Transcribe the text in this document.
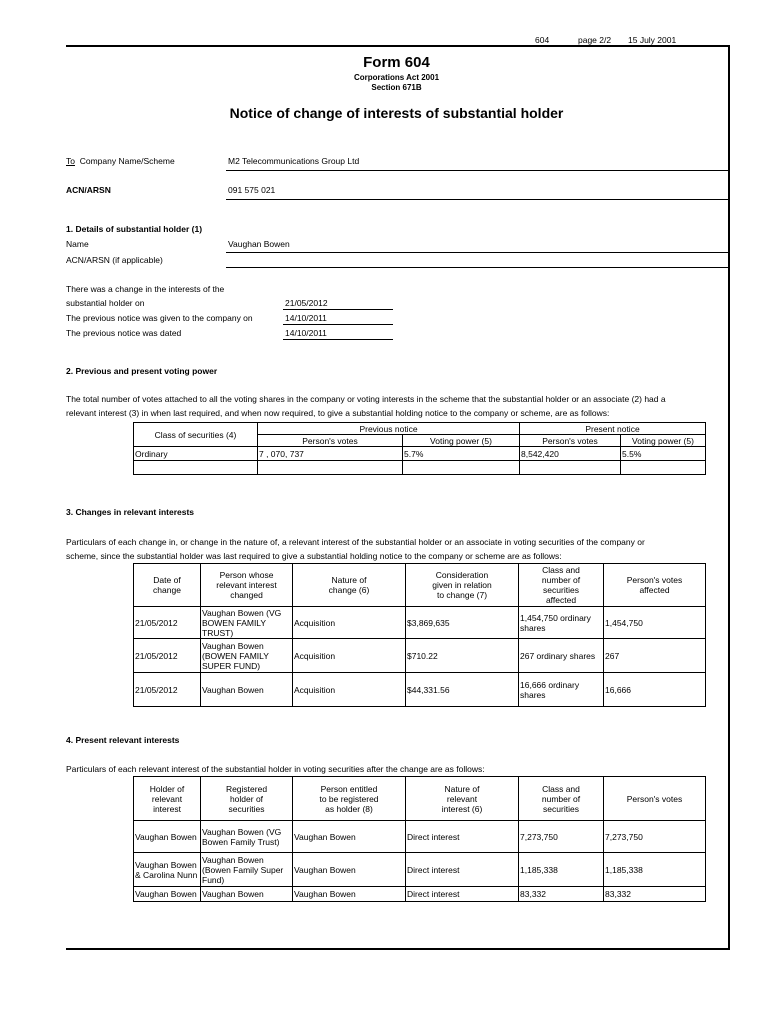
604	page 2/2 15 July 2001
Form 604
Corporations Act 2001
Section 671B
Notice of change of interests of substantial holder
To Company Name/Scheme	M2 Telecommunications Group Ltd
ACN/ARSN	091 575 021
1. Details of substantial holder (1)
Name	Vaughan Bowen
ACN/ARSN (if applicable)
There was a change in the interests of the
substantial holder on	21/05/2012
The previous notice was given to the company on	14/10/2011
The previous notice was dated	14/10/2011
2. Previous and present voting power
The total number of votes attached to all the voting shares in the company or voting interests in the scheme that the substantial holder or an associate (2) had a
relevant interest (3) in when last required, and when now required, to give a substantial holding notice to the company or scheme, are as follows:
Class of securities (4)	Previous notice		Present notice	
	Person's votes	Voting power (5)	Person's votes	Voting power (5)
Ordinary	7 , 070, 737	5.7%	8,542,420	5.5%

3. Changes in relevant interests
Particulars of each change in, or change in the nature of, a relevant interest of the substantial holder or an associate in voting securities of the company or
scheme, since the substantial holder was last required to give a substantial holding notice to the company or scheme are as follows:
Date of
change	Person whose
relevant interest
changed	Nature of
change (6)	Consideration
given in relation
to change (7)	Class and
number of
securities
affected	Person's votes
affected
21/05/2012	Vaughan Bowen (VG BOWEN FAMILY TRUST)	Acquisition	$3,869,635	1,454,750 ordinary shares	1,454,750
21/05/2012	Vaughan Bowen (BOWEN FAMILY SUPER FUND)	Acquisition	$710.22	267 ordinary shares	267
21/05/2012	Vaughan Bowen	Acquisition	$44,331.56	16,666 ordinary shares	16,666
4. Present relevant interests
Particulars of each relevant interest of the substantial holder in voting securities after the change are as follows:
Holder of
relevant
interest	Registered
holder of
securities	Person entitled
to be registered
as holder (8)	Nature of
relevant
interest (6)	Class and
number of
securities	Person's votes
Vaughan Bowen	Vaughan Bowen (VG Bowen Family Trust)	Vaughan Bowen	Direct interest	7,273,750	7,273,750
Vaughan Bowen & Carolina Nunn	Vaughan Bowen (Bowen Family Super Fund)	Vaughan Bowen	Direct interest	1,185,338	1,185,338
Vaughan Bowen	Vaughan Bowen	Vaughan Bowen	Direct interest	83,332	83,332
